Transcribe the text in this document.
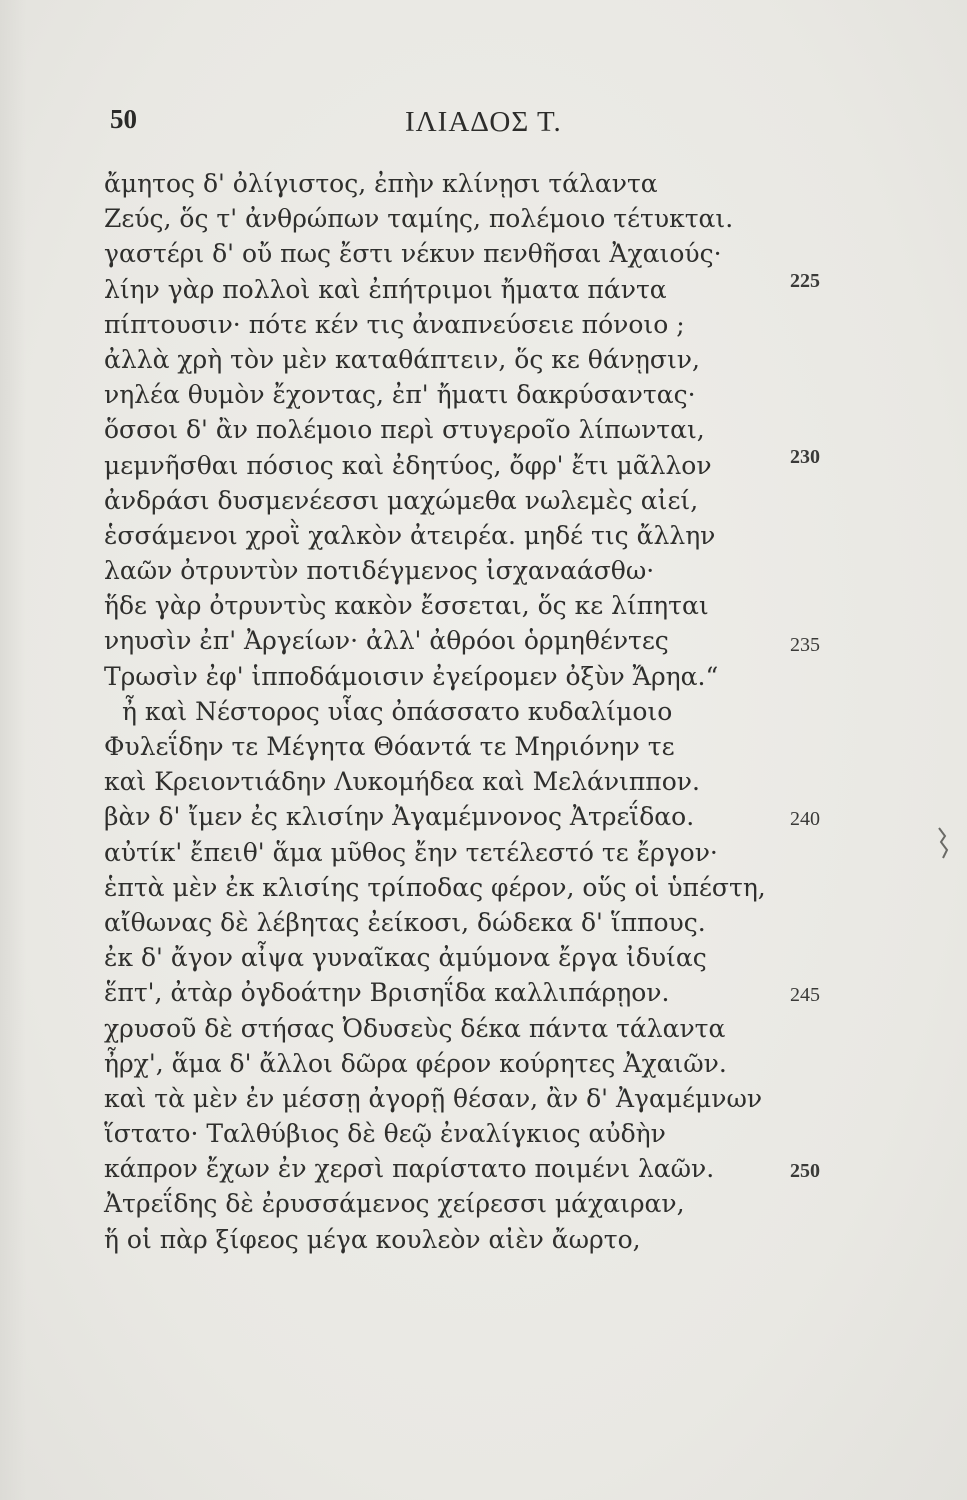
50	ΙΛΙΑΔΟΣ Τ.
ἄμητος δ' ὀλίγιστος, ἐπὴν κλίνῃσι τάλαντα
Ζεύς, ὅς τ' ἀνθρώπων ταμίης, πολέμοιο τέτυκται.
γαστέρι δ' οὔ πως ἔστι νέκυν πενθῆσαι Ἀχαιούς·
λίην γὰρ πολλοὶ καὶ ἐπήτριμοι ἤματα πάντα
πίπτουσιν· πότε κέν τις ἀναπνεύσειε πόνοιο ;
ἀλλὰ χρὴ τὸν μὲν καταθάπτειν, ὅς κε θάνῃσιν,
νηλέα θυμὸν ἔχοντας, ἐπ' ἤματι δακρύσαντας·
ὅσσοι δ' ἂν πολέμοιο περὶ στυγεροῖο λίπωνται,
μεμνῆσθαι πόσιος καὶ ἐδητύος, ὄφρ' ἔτι μᾶλλον
ἀνδράσι δυσμενέεσσι μαχώμεθα νωλεμὲς αἰεί,
ἑσσάμενοι χροῒ χαλκὸν ἀτειρέα. μηδέ τις ἄλλην
λαῶν ὀτρυντὺν ποτιδέγμενος ἰσχαναάσθω·
ἥδε γὰρ ὀτρυντὺς κακὸν ἔσσεται, ὅς κε λίπηται
νηυσὶν ἐπ' Ἀργείων· ἀλλ' ἀθρόοι ὁρμηθέντες
Τρωσὶν ἐφ' ἱπποδάμοισιν ἐγείρομεν ὀξὺν Ἄρηα.“
ἦ καὶ Νέστορος υἷας ὀπάσσατο κυδαλίμοιο
Φυλεΐδην τε Μέγητα Θόαντά τε Μηριόνην τε
καὶ Κρειοντιάδην Λυκομήδεα καὶ Μελάνιππον.
βὰν δ' ἴμεν ἐς κλισίην Ἀγαμέμνονος Ἀτρεΐδαο.
αὐτίκ' ἔπειθ' ἅμα μῦθος ἔην τετέλεστό τε ἔργον·
ἑπτὰ μὲν ἐκ κλισίης τρίποδας φέρον, οὕς οἱ ὑπέστη,
αἴθωνας δὲ λέβητας ἐείκοσι, δώδεκα δ' ἵππους.
ἐκ δ' ἄγον αἶψα γυναῖκας ἀμύμονα ἔργα ἰδυίας
ἕπτ', ἀτὰρ ὀγδοάτην Βρισηΐδα καλλιπάρῃον.
χρυσοῦ δὲ στήσας Ὀδυσεὺς δέκα πάντα τάλαντα
ἦρχ', ἅμα δ' ἄλλοι δῶρα φέρον κούρητες Ἀχαιῶν.
καὶ τὰ μὲν ἐν μέσσῃ ἀγορῇ θέσαν, ἂν δ' Ἀγαμέμνων
ἵστατο· Ταλθύβιος δὲ θεῷ ἐναλίγκιος αὐδὴν
κάπρον ἔχων ἐν χερσὶ παρίστατο ποιμένι λαῶν.
Ἀτρεΐδης δὲ ἐρυσσάμενος χείρεσσι μάχαιραν,
ἥ οἱ πὰρ ξίφεος μέγα κουλεὸν αἰὲν ἄωρτο,
225
230
235
240
245
250
